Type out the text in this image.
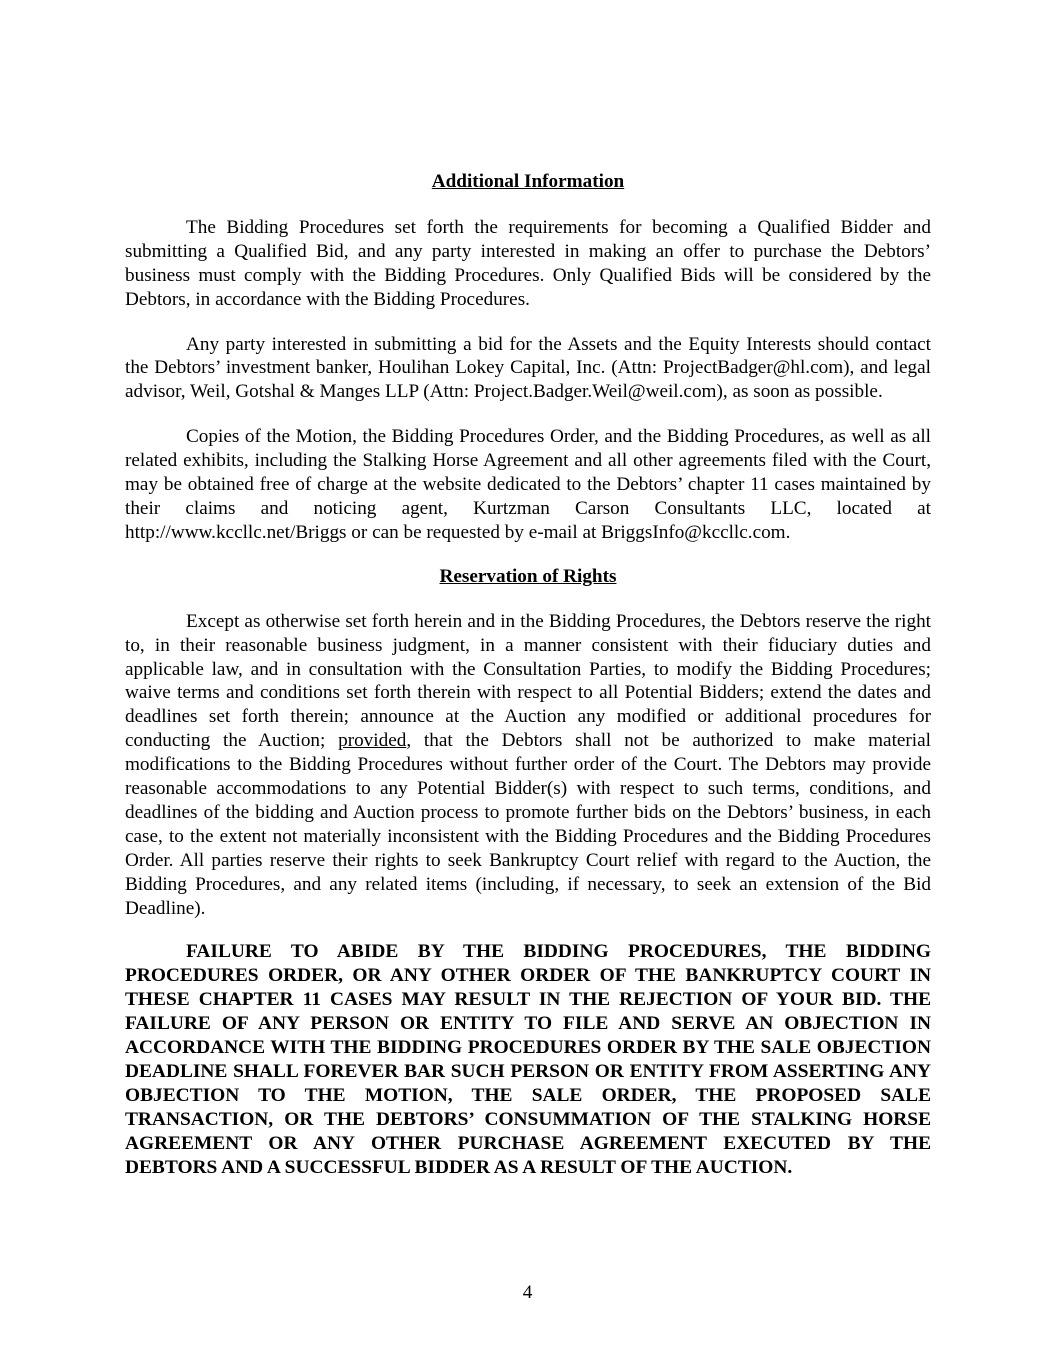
Additional Information

The Bidding Procedures set forth the requirements for becoming a Qualified Bidder and submitting a Qualified Bid, and any party interested in making an offer to purchase the Debtors’ business must comply with the Bidding Procedures. Only Qualified Bids will be considered by the Debtors, in accordance with the Bidding Procedures.

Any party interested in submitting a bid for the Assets and the Equity Interests should contact the Debtors’ investment banker, Houlihan Lokey Capital, Inc. (Attn: ProjectBadger@hl.com), and legal advisor, Weil, Gotshal & Manges LLP (Attn: Project.Badger.Weil@weil.com), as soon as possible.

Copies of the Motion, the Bidding Procedures Order, and the Bidding Procedures, as well as all related exhibits, including the Stalking Horse Agreement and all other agreements filed with the Court, may be obtained free of charge at the website dedicated to the Debtors’ chapter 11 cases maintained by their claims and noticing agent, Kurtzman Carson Consultants LLC, located at http://www.kccllc.net/Briggs or can be requested by e-mail at BriggsInfo@kccllc.com.

Reservation of Rights

Except as otherwise set forth herein and in the Bidding Procedures, the Debtors reserve the right to, in their reasonable business judgment, in a manner consistent with their fiduciary duties and applicable law, and in consultation with the Consultation Parties, to modify the Bidding Procedures; waive terms and conditions set forth therein with respect to all Potential Bidders; extend the dates and deadlines set forth therein; announce at the Auction any modified or additional procedures for conducting the Auction; provided, that the Debtors shall not be authorized to make material modifications to the Bidding Procedures without further order of the Court. The Debtors may provide reasonable accommodations to any Potential Bidder(s) with respect to such terms, conditions, and deadlines of the bidding and Auction process to promote further bids on the Debtors’ business, in each case, to the extent not materially inconsistent with the Bidding Procedures and the Bidding Procedures Order. All parties reserve their rights to seek Bankruptcy Court relief with regard to the Auction, the Bidding Procedures, and any related items (including, if necessary, to seek an extension of the Bid Deadline).

FAILURE TO ABIDE BY THE BIDDING PROCEDURES, THE BIDDING PROCEDURES ORDER, OR ANY OTHER ORDER OF THE BANKRUPTCY COURT IN THESE CHAPTER 11 CASES MAY RESULT IN THE REJECTION OF YOUR BID. THE FAILURE OF ANY PERSON OR ENTITY TO FILE AND SERVE AN OBJECTION IN ACCORDANCE WITH THE BIDDING PROCEDURES ORDER BY THE SALE OBJECTION DEADLINE SHALL FOREVER BAR SUCH PERSON OR ENTITY FROM ASSERTING ANY OBJECTION TO THE MOTION, THE SALE ORDER, THE PROPOSED SALE TRANSACTION, OR THE DEBTORS’ CONSUMMATION OF THE STALKING HORSE AGREEMENT OR ANY OTHER PURCHASE AGREEMENT EXECUTED BY THE DEBTORS AND A SUCCESSFUL BIDDER AS A RESULT OF THE AUCTION.

4
